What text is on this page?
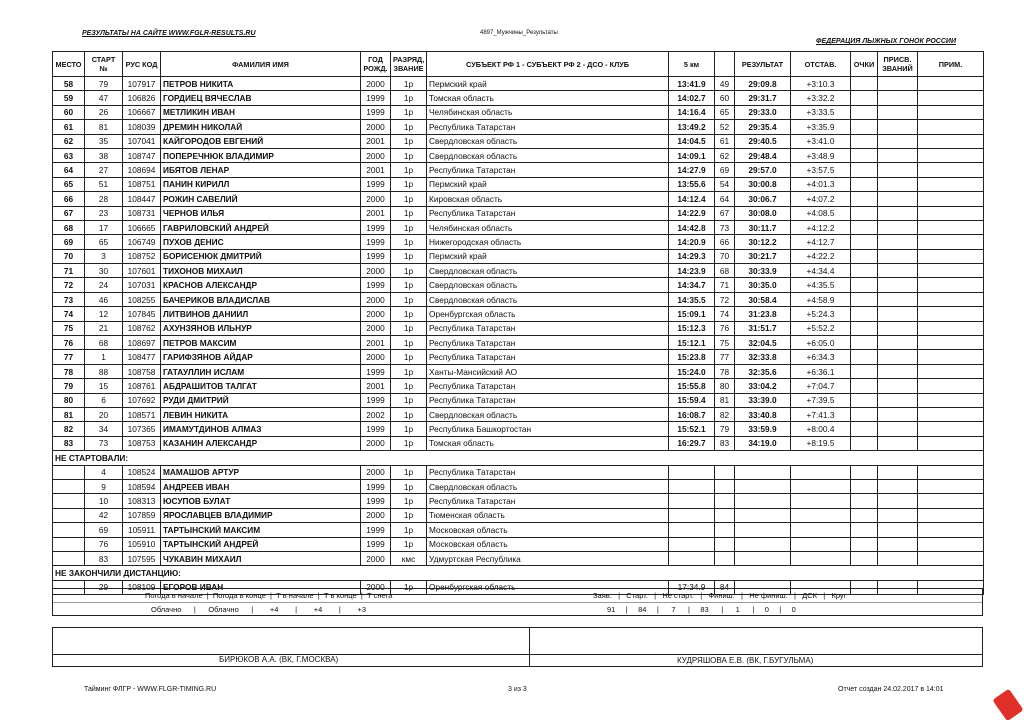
РЕЗУЛЬТАТЫ НА САЙТЕ WWW.FGLR-RESULTS.RU	4897_Мужчины_Результаты
ФЕДЕРАЦИЯ ЛЫЖНЫХ ГОНОК РОССИИ
МЕСТО	СТАРТ №	РУС КОД	ФАМИЛИЯ ИМЯ	ГОД РОЖД.	РАЗРЯД, ЗВАНИЕ	СУБЪЕКТ РФ 1 - СУБЪЕКТ РФ 2 - ДСО - КЛУБ	5 км		РЕЗУЛЬТАТ	ОТСТАВ.	ОЧКИ	ПРИСВ. ЗВАНИЙ	ПРИМ.
58	79	107917	ПЕТРОВ НИКИТА	2000	1р	Пермский край	13:41.9	49	29:09.8	+3:10.3			
59	47	106826	ГОРДИЕЦ ВЯЧЕСЛАВ	1999	1р	Томская область	14:02.7	60	29:31.7	+3:32.2			
60	26	106667	МЕТЛИКИН ИВАН	1999	1р	Челябинская область	14:16.4	65	29:33.0	+3:33.5			
61	81	108039	ДРЕМИН НИКОЛАЙ	2000	1р	Республика Татарстан	13:49.2	52	29:35.4	+3:35.9			
62	35	107041	КАЙГОРОДОВ ЕВГЕНИЙ	2001	1р	Свердловская область	14:04.5	61	29:40.5	+3:41.0			
63	38	108747	ПОПЕРЕЧНЮК ВЛАДИМИР	2000	1р	Свердловская область	14:09.1	62	29:48.4	+3:48.9			
64	27	108694	ИБЯТОВ ЛЕНАР	2001	1р	Республика Татарстан	14:27.9	69	29:57.0	+3:57.5			
65	51	108751	ПАНИН КИРИЛЛ	1999	1р	Пермский край	13:55.6	54	30:00.8	+4:01.3			
66	28	108447	РОЖИН САВЕЛИЙ	2000	1р	Кировская область	14:12.4	64	30:06.7	+4:07.2			
67	23	108731	ЧЕРНОВ ИЛЬЯ	2001	1р	Республика Татарстан	14:22.9	67	30:08.0	+4:08.5			
68	17	106665	ГАВРИЛОВСКИЙ АНДРЕЙ	1999	1р	Челябинская область	14:42.8	73	30:11.7	+4:12.2			
69	65	106749	ПУХОВ ДЕНИС	1999	1р	Нижегородская область	14:20.9	66	30:12.2	+4:12.7			
70	3	108752	БОРИСЕНЮК ДМИТРИЙ	1999	1р	Пермский край	14:29.3	70	30:21.7	+4:22.2			
71	30	107601	ТИХОНОВ МИХАИЛ	2000	1р	Свердловская область	14:23.9	68	30:33.9	+4:34.4			
72	24	107031	КРАСНОВ АЛЕКСАНДР	1999	1р	Свердловская область	14:34.7	71	30:35.0	+4:35.5			
73	46	108255	БАЧЕРИКОВ ВЛАДИСЛАВ	2000	1р	Свердловская область	14:35.5	72	30:58.4	+4:58.9			
74	12	107845	ЛИТВИНОВ ДАНИИЛ	2000	1р	Оренбургская область	15:09.1	74	31:23.8	+5:24.3			
75	21	108762	АХУНЗЯНОВ ИЛЬНУР	2000	1р	Республика Татарстан	15:12.3	76	31:51.7	+5:52.2			
76	68	108697	ПЕТРОВ МАКСИМ	2001	1р	Республика Татарстан	15:12.1	75	32:04.5	+6:05.0			
77	1	108477	ГАРИФЗЯНОВ АЙДАР	2000	1р	Республика Татарстан	15:23.8	77	32:33.8	+6:34.3			
78	88	108758	ГАТАУЛЛИН ИСЛАМ	1999	1р	Ханты-Мансийский АО	15:24.0	78	32:35.6	+6:36.1			
79	15	108761	АБДРАШИТОВ ТАЛГАТ	2001	1р	Республика Татарстан	15:55.8	80	33:04.2	+7:04.7			
80	6	107692	РУДИ ДМИТРИЙ	1999	1р	Республика Татарстан	15:59.4	81	33:39.0	+7:39.5			
81	20	108571	ЛЕВИН НИКИТА	2002	1р	Свердловская область	16:08.7	82	33:40.8	+7:41.3			
82	34	107365	ИМАМУТДИНОВ АЛМАЗ	1999	1р	Республика Башкортостан	15:52.1	79	33:59.9	+8:00.4			
83	73	108753	КАЗАНИН АЛЕКСАНДР	2000	1р	Томская область	16:29.7	83	34:19.0	+8:19.5			
НЕ СТАРТОВАЛИ:													
	4	108524	МАМАШОВ АРТУР	2000	1р	Республика Татарстан							
	9	108594	АНДРЕЕВ ИВАН	1999	1р	Свердловская область							
	10	108313	ЮСУПОВ БУЛАТ	1999	1р	Республика Татарстан							
	42	107859	ЯРОСЛАВЦЕВ ВЛАДИМИР	2000	1р	Тюменская область							
	69	105911	ТАРТЫНСКИЙ МАКСИМ	1999	1р	Московская область							
	76	105910	ТАРТЫНСКИЙ АНДРЕЙ	1999	1р	Московская область							
	83	107595	ЧУКАВИН МИХАИЛ	2000	кмс	Удмуртская Республика							
НЕ ЗАКОНЧИЛИ ДИСТАНЦИЮ:													
	29	108109	ЕГОРОВ ИВАН	2000	1р	Оренбургская область	17:34.9	84					
Погода в начале  |  Погода в конце  |  Т в начале  |  Т в конце  |  Т снега
Облачно      |      Облачно      |        +4        |        +4        |        +3
Заяв.   |   Старт.   |   Не старт.   |   Финиш.   |   Не финиш.   |   ДСК   |   Круг
91     |     84     |      7      |     83      |      1      |     0     |     0
БИРЮКОВ А.А. (ВК, Г.МОСКВА)	КУДРЯШОВА Е.В. (ВК, Г.БУГУЛЬМА)
Тайминг ФЛГР - WWW.FLGR-TIMING.RU	3 из 3	Отчет создан 24.02.2017 в 14:01
